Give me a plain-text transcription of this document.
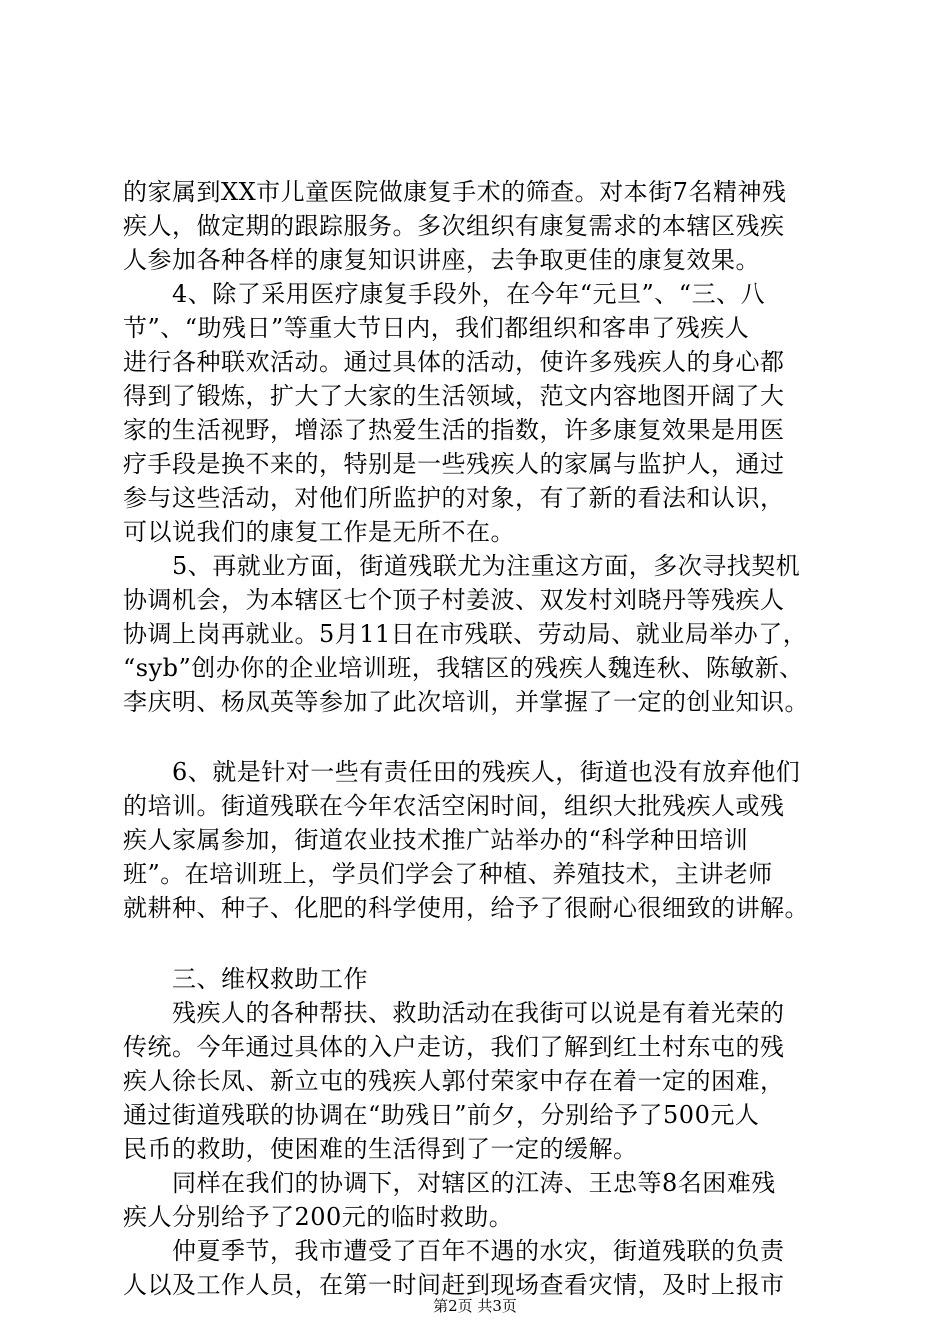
的家属到XX市儿童医院做康复手术的筛查。对本街7名精神残
疾人，做定期的跟踪服务。多次组织有康复需求的本辖区残疾
人参加各种各样的康复知识讲座，去争取更佳的康复效果。
　　4、除了采用医疗康复手段外，在今年“元旦”、“三、八
节”、“助残日”等重大节日内，我们都组织和客串了残疾人
进行各种联欢活动。通过具体的活动，使许多残疾人的身心都
得到了锻炼，扩大了大家的生活领域，范文内容地图开阔了大
家的生活视野，增添了热爱生活的指数，许多康复效果是用医
疗手段是换不来的，特别是一些残疾人的家属与监护人，通过
参与这些活动，对他们所监护的对象，有了新的看法和认识，
可以说我们的康复工作是无所不在。
　　5、再就业方面，街道残联尤为注重这方面，多次寻找契机
协调机会，为本辖区七个顶子村姜波、双发村刘晓丹等残疾人
协调上岗再就业。5月11日在市残联、劳动局、就业局举办了，
“syb”创办你的企业培训班，我辖区的残疾人魏连秋、陈敏新、
李庆明、杨凤英等参加了此次培训，并掌握了一定的创业知识。
　　6、就是针对一些有责任田的残疾人，街道也没有放弃他们
的培训。街道残联在今年农活空闲时间，组织大批残疾人或残
疾人家属参加，街道农业技术推广站举办的“科学种田培训
班”。在培训班上，学员们学会了种植、养殖技术，主讲老师
就耕种、种子、化肥的科学使用，给予了很耐心很细致的讲解。
　　三、维权救助工作
　　残疾人的各种帮扶、救助活动在我街可以说是有着光荣的
传统。今年通过具体的入户走访，我们了解到红土村东屯的残
疾人徐长凤、新立屯的残疾人郭付荣家中存在着一定的困难，
通过街道残联的协调在“助残日”前夕，分别给予了500元人
民币的救助，使困难的生活得到了一定的缓解。
　　同样在我们的协调下，对辖区的江涛、王忠等8名困难残
疾人分别给予了200元的临时救助。
　　仲夏季节，我市遭受了百年不遇的水灾，街道残联的负责
人以及工作人员，在第一时间赶到现场查看灾情，及时上报市
第2页 共3页
